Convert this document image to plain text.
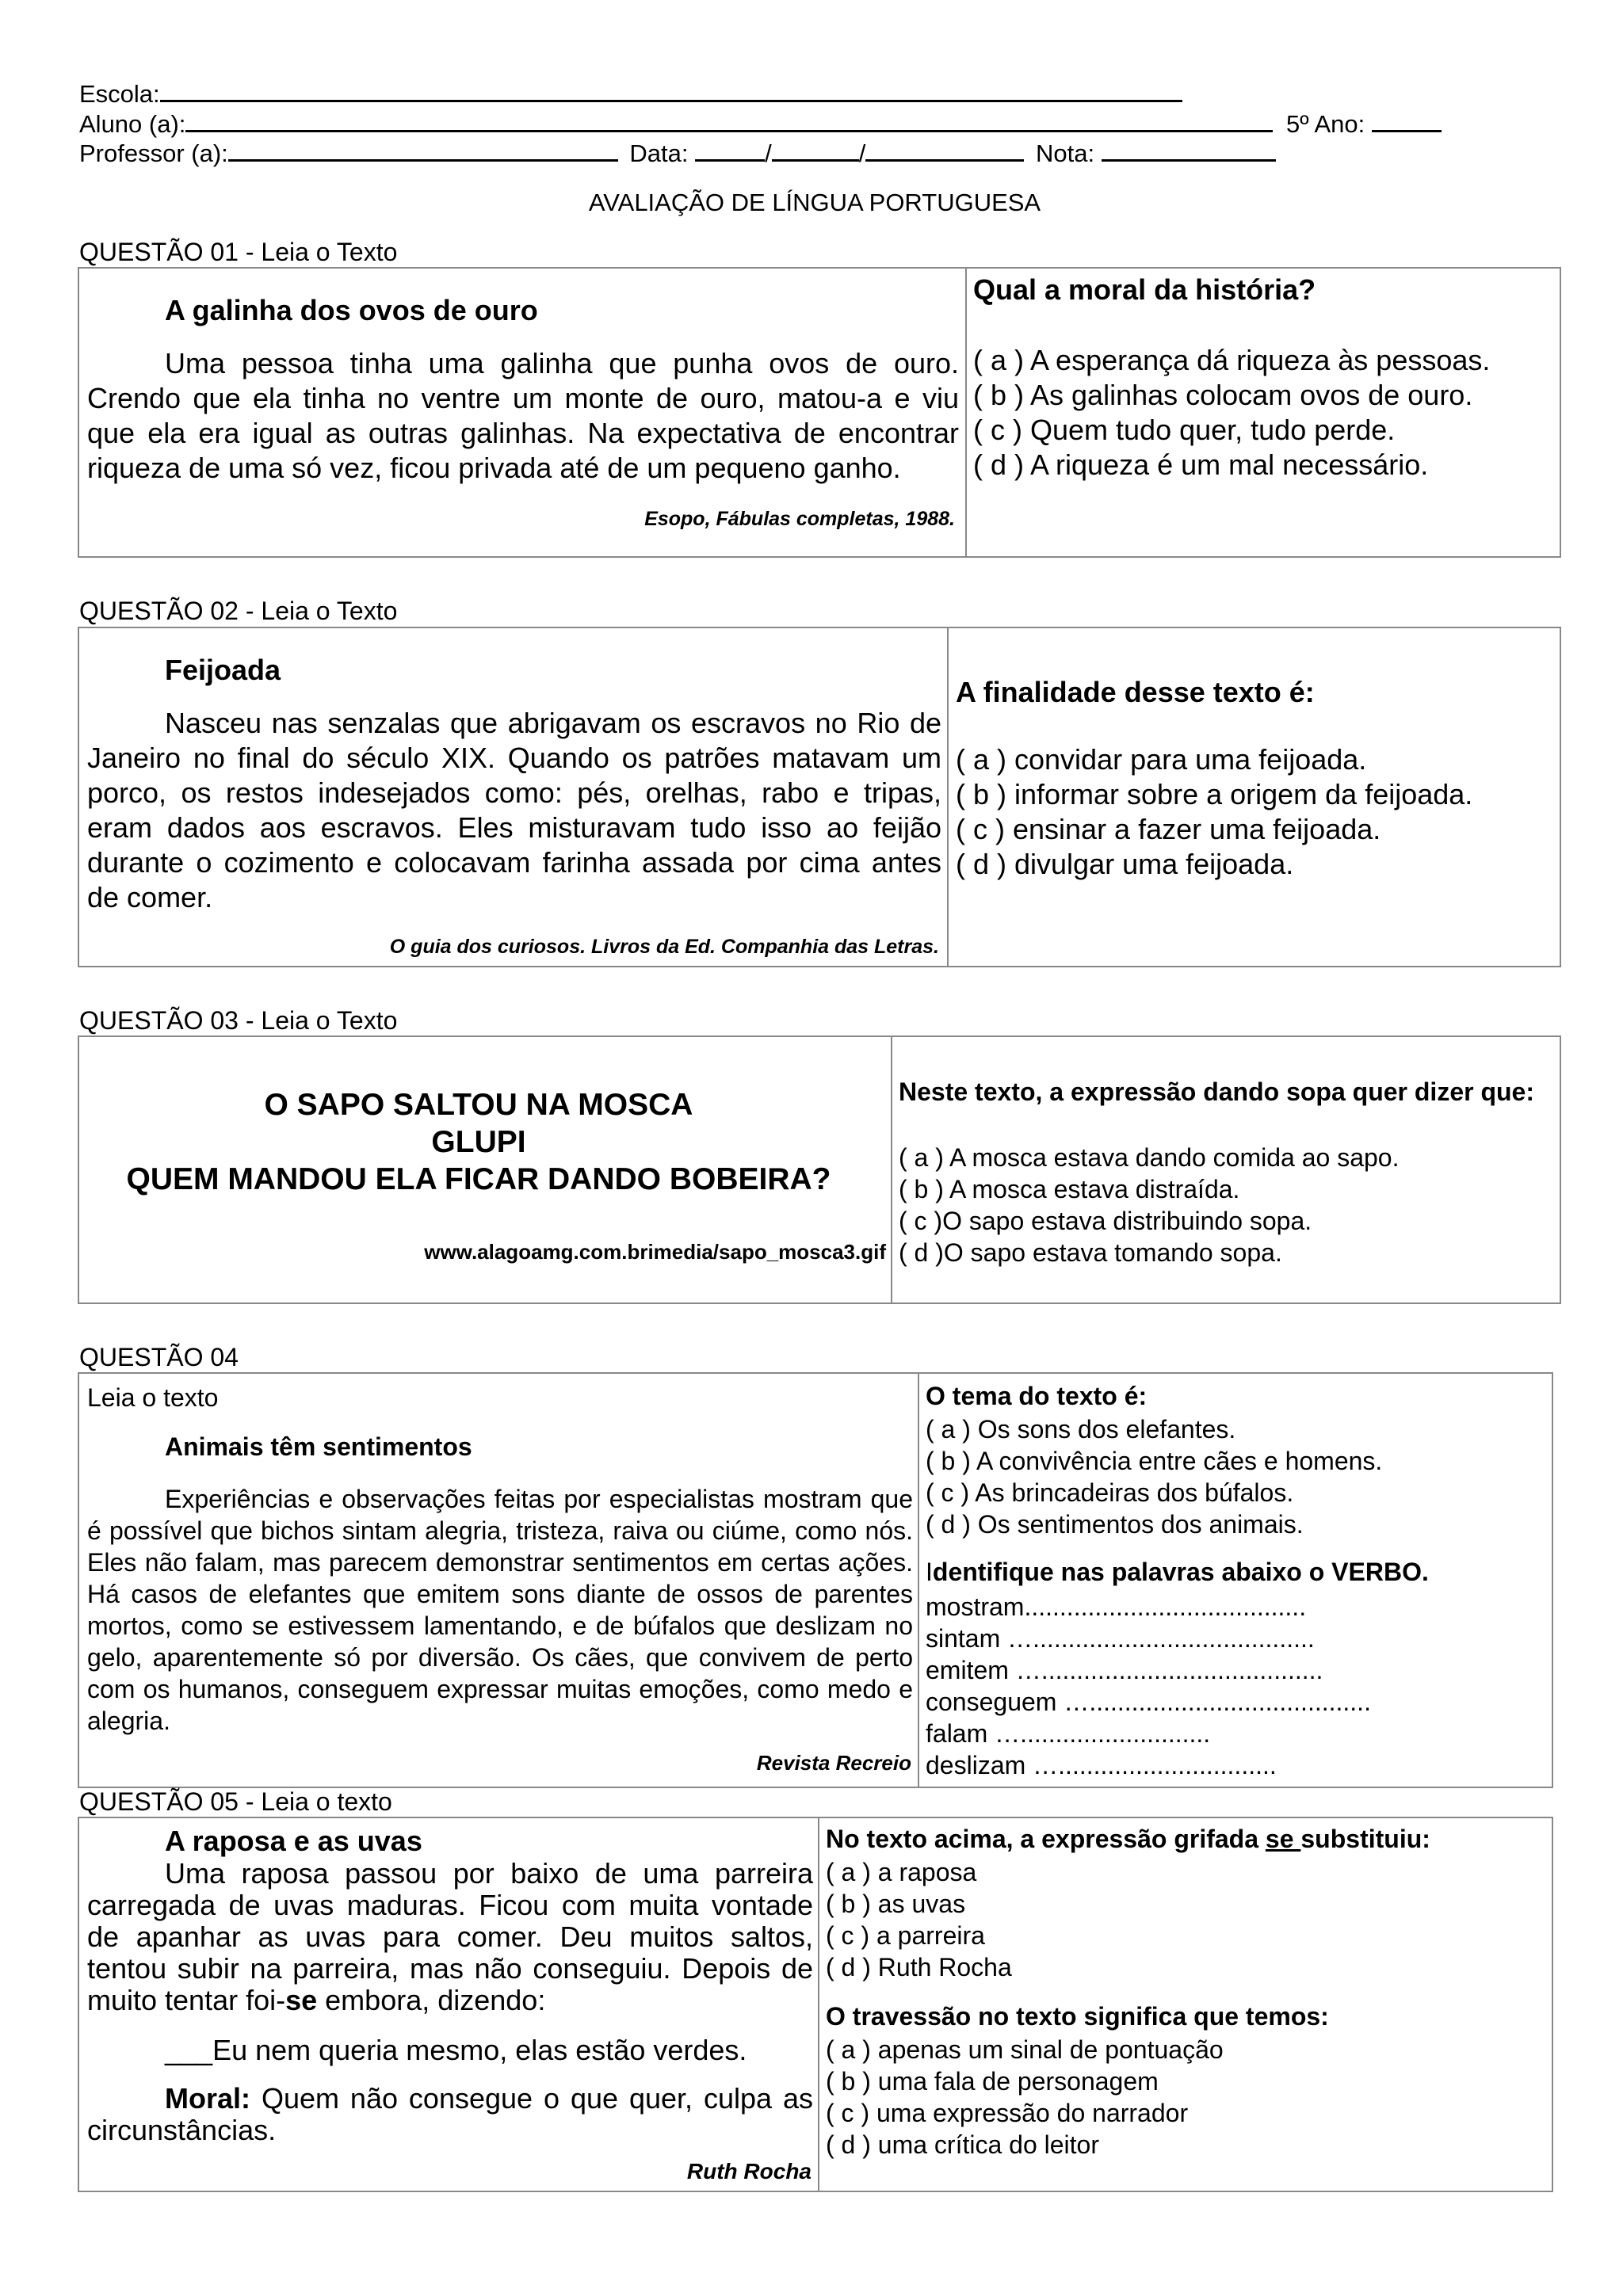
Escola:
Aluno (a):	5º Ano:
Professor (a):	Data:	/	/	Nota:
AVALIAÇÃO DE LÍNGUA PORTUGUESA
QUESTÃO 01 - Leia o Texto
A galinha dos ovos de ouro
Uma pessoa tinha uma galinha que punha ovos de ouro. Crendo que ela tinha no ventre um monte de ouro, matou-a e viu que ela era igual as outras galinhas. Na expectativa de encontrar riqueza de uma só vez, ficou privada até de um pequeno ganho.
Esopo, Fábulas completas, 1988.
Qual a moral da história?
( a ) A esperança dá riqueza às pessoas.
( b ) As galinhas colocam ovos de ouro.
( c ) Quem tudo quer, tudo perde.
( d ) A riqueza é um mal necessário.
QUESTÃO 02 - Leia o Texto
Feijoada
Nasceu nas senzalas que abrigavam os escravos no Rio de Janeiro no final do século XIX. Quando os patrões matavam um porco, os restos indesejados como: pés, orelhas, rabo e tripas, eram dados aos escravos. Eles misturavam tudo isso ao feijão durante o cozimento e colocavam farinha assada por cima antes de comer.
O guia dos curiosos. Livros da Ed. Companhia das Letras.
A finalidade desse texto é:
( a ) convidar para uma feijoada.
( b ) informar sobre a origem da feijoada.
( c ) ensinar a fazer uma feijoada.
( d ) divulgar uma feijoada.
QUESTÃO 03 - Leia o Texto
O SAPO SALTOU NA MOSCA
GLUPI
QUEM MANDOU ELA FICAR DANDO BOBEIRA?
www.alagoamg.com.brimedia/sapo_mosca3.gif
Neste texto, a expressão dando sopa quer dizer que:
( a ) A mosca estava dando comida ao sapo.
( b ) A mosca estava distraída.
( c )O sapo estava distribuindo sopa.
( d )O sapo estava tomando sopa.
QUESTÃO 04
Leia o texto
Animais têm sentimentos
Experiências e observações feitas por especialistas mostram que é possível que bichos sintam alegria, tristeza, raiva ou ciúme, como nós. Eles não falam, mas parecem demonstrar sentimentos em certas ações. Há casos de elefantes que emitem sons diante de ossos de parentes mortos, como se estivessem lamentando, e de búfalos que deslizam no gelo, aparentemente só por diversão. Os cães, que convivem de perto com os humanos, conseguem expressar muitas emoções, como medo e alegria.
Revista Recreio
O tema do texto é:
( a ) Os sons dos elefantes.
( b ) A convivência entre cães e homens.
( c ) As brincadeiras dos búfalos.
( d ) Os sentimentos dos animais.
Identifique nas palavras abaixo o VERBO.
mostram........................................
sintam …........................................
emitem …........................................
conseguem …........................................
falam …...........................
deslizam …...............................
QUESTÃO 05 - Leia o texto
A raposa e as uvas
Uma raposa passou por baixo de uma parreira carregada de uvas maduras. Ficou com muita vontade de apanhar as uvas para comer. Deu muitos saltos, tentou subir na parreira, mas não conseguiu. Depois de muito tentar foi-se embora, dizendo:
___Eu nem queria mesmo, elas estão verdes.
Moral: Quem não consegue o que quer, culpa as circunstâncias.
Ruth Rocha
No texto acima, a expressão grifada se substituiu:
( a ) a raposa
( b ) as uvas
( c ) a parreira
( d ) Ruth Rocha
O travessão no texto significa que temos:
( a ) apenas um sinal de pontuação
( b ) uma fala de personagem
( c ) uma expressão do narrador
( d ) uma crítica do leitor
